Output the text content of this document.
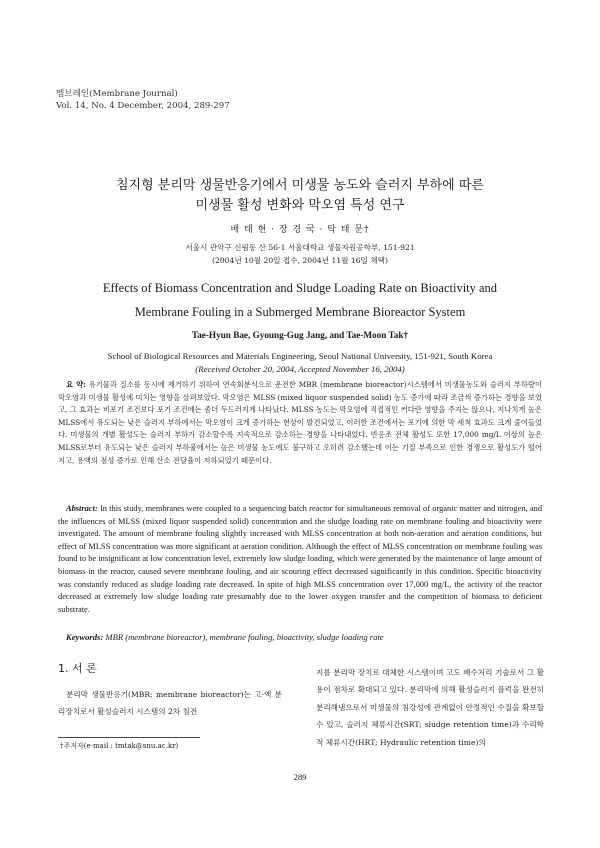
멤브레인(Membrane Journal)
Vol. 14, No. 4 December, 2004, 289-297
침지형 분리막 생물반응기에서 미생물 농도와 슬러지 부하에 따른
미생물 활성 변화와 막오염 특성 연구
배 태 현 · 장 경 국 · 탁 태 문†
서울시 관악구 신림동 산 56-1 서울대학교 생물자원공학부, 151-921
(2004년 10월 20일 접수, 2004년 11월 16일 채택)
Effects of Biomass Concentration and Sludge Loading Rate on Bioactivity and
Membrane Fouling in a Submerged Membrane Bioreactor System
Tae-Hyun Bae, Gyoung-Gug Jang, and Tae-Moon Tak†
School of Biological Resources and Materials Engineering, Seoul National University, 151-921, South Korea
(Received October 20, 2004, Accepted November 16, 2004)
요 약: 유기물과 질소를 동시에 제거하기 위하여 연속회분식으로 운전한 MBR (membrane bioreactor)시스템에서 미생물농도와 슬러지 부하량이 막오염과 미생물 활성에 미치는 영향을 살펴보았다. 막오염은 MLSS (mixed liquor suspended solid) 농도 증가에 따라 조금씩 증가하는 경향을 보였고, 그 효과는 비포기 조건보다 포기 조건에는 좀더 두드러지게 나타났다. MLSS 농도는 막오염에 직접적인 커다란 영향을 주지는 않으나, 지나치게 높은 MLSS에서 유도되는 낮은 슬러지 부하에서는 막오염이 크게 증가하는 현상이 발견되었고, 이러한 조건에서는 포기에 의한 막 세척 효과도 크게 줄어들었다. 미생물의 개별 활성도는 슬러지 부하가 감소할수록 지속적으로 감소하는 경향을 나타내었다. 반응조 전체 활성도 또한 17,000 mg/L 이상의 높은 MLSS로부터 유도되는 낮은 슬러지 부하율에서는 높은 미생물 농도에도 불구하고 오히려 감소했는데 이는 기질 부족으로 인한 경쟁으로 활성도가 떨어지고, 용액의 점성 증가로 인해 산소 전달율이 저하되었기 때문이다.
Abstract: In this study, membranes were coupled to a sequencing batch reactor for simultaneous removal of organic matter and nitrogen, and the influences of MLSS (mixed liquor suspended solid) concentration and the sludge loading rate on membrane fouling and bioactivity were investigated. The amount of membrane fouling slightly increased with MLSS concentration at both non-aeration and aeration conditions, but effect of MLSS concentration was more significant at aeration condition. Although the effect of MLSS concentration on membrane fouling was found to be insignificant at low concentration level, extremely low sludge loading, which were generated by the maintenance of large amount of biomass in the reactor, caused severe membrane fouling, and air scouring effect decreased significantly in this condition. Specific bioactivity was constantly reduced as sludge loading rate decreased. In spite of high MLSS concentration over 17,000 mg/L, the activity of the reactor decreased at extremely low sludge loading rate presumably due to the lower oxygen transfer and the competition of biomass to deficient substrate.
Keywords: MBR (membrane bioreactor), membrane fouling, bioactivity, sludge loading rate
1. 서 론
분리막 생물반응기(MBR; membrane bioreactor)는 고·액 분리장치로서 활성슬러지 시스템의 2차 침전
지를 분리막 장치로 대체한 시스템이며 고도 폐수처리 기술로서 그 활용이 점차로 확대되고 있다. 분리막에 의해 활성슬러지 플럭을 완전히 분리해냄으로서 미생물의 침강성에 관계없이 안정적인 수질을 확보할 수 있고, 슬러지 체류시간(SRT; sludge retention time)과 수리학적 체류시간(HRT; Hydraulic retention time)의
†주저자(e-mail : tmtak@snu.ac.kr)
289
